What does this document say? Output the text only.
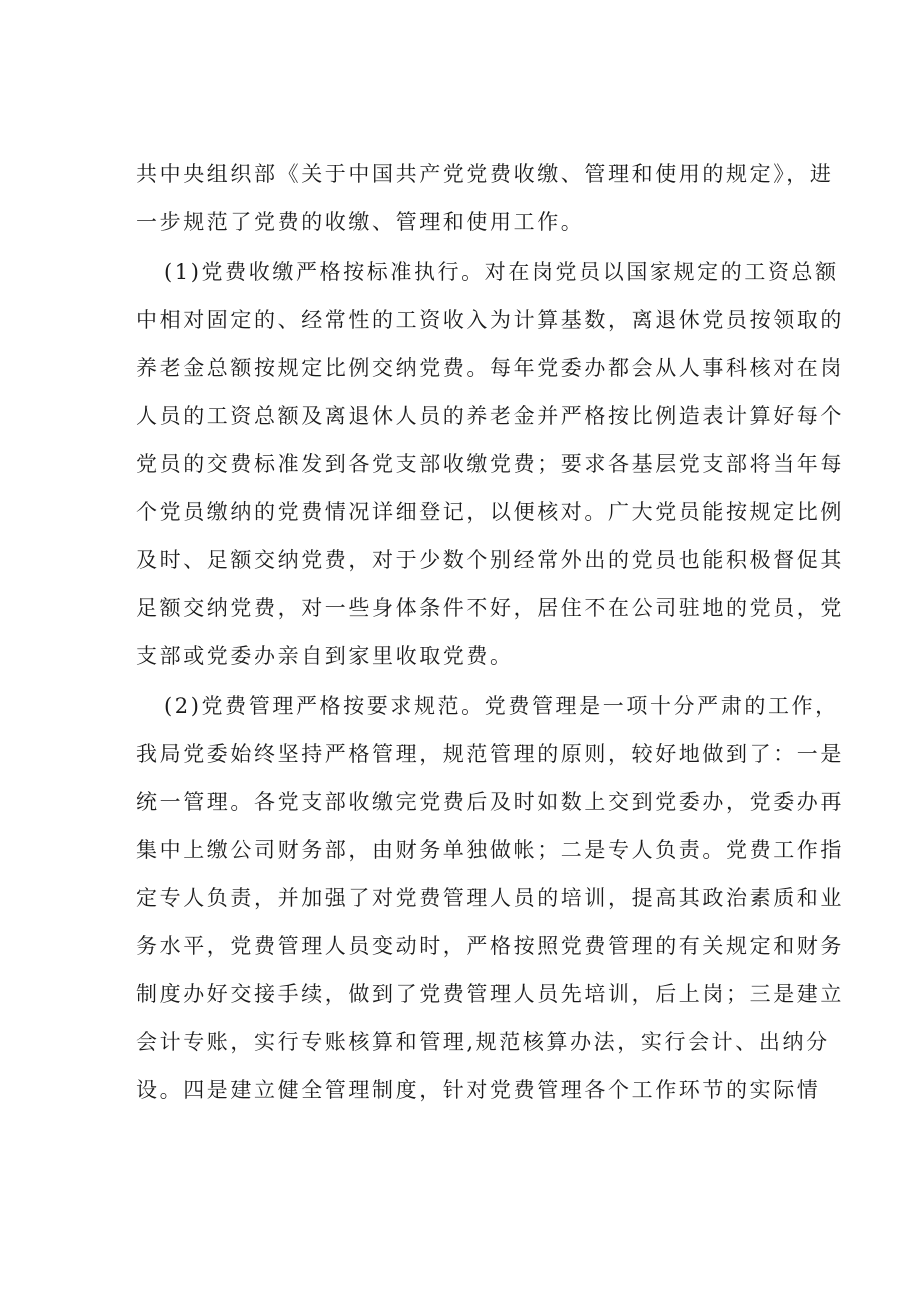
共中央组织部《关于中国共产党党费收缴、管理和使用的规定》，进
一步规范了党费的收缴、管理和使用工作。
(1)党费收缴严格按标准执行。对在岗党员以国家规定的工资总额
中相对固定的、经常性的工资收入为计算基数，离退休党员按领取的
养老金总额按规定比例交纳党费。每年党委办都会从人事科核对在岗
人员的工资总额及离退休人员的养老金并严格按比例造表计算好每个
党员的交费标准发到各党支部收缴党费；要求各基层党支部将当年每
个党员缴纳的党费情况详细登记，以便核对。广大党员能按规定比例
及时、足额交纳党费，对于少数个别经常外出的党员也能积极督促其
足额交纳党费，对一些身体条件不好，居住不在公司驻地的党员，党
支部或党委办亲自到家里收取党费。
(2)党费管理严格按要求规范。党费管理是一项十分严肃的工作，
我局党委始终坚持严格管理，规范管理的原则，较好地做到了：一是
统一管理。各党支部收缴完党费后及时如数上交到党委办，党委办再
集中上缴公司财务部，由财务单独做帐；二是专人负责。党费工作指
定专人负责，并加强了对党费管理人员的培训，提高其政治素质和业
务水平，党费管理人员变动时，严格按照党费管理的有关规定和财务
制度办好交接手续，做到了党费管理人员先培训，后上岗；三是建立
会计专账，实行专账核算和管理,规范核算办法，实行会计、出纳分
设。四是建立健全管理制度，针对党费管理各个工作环节的实际情
